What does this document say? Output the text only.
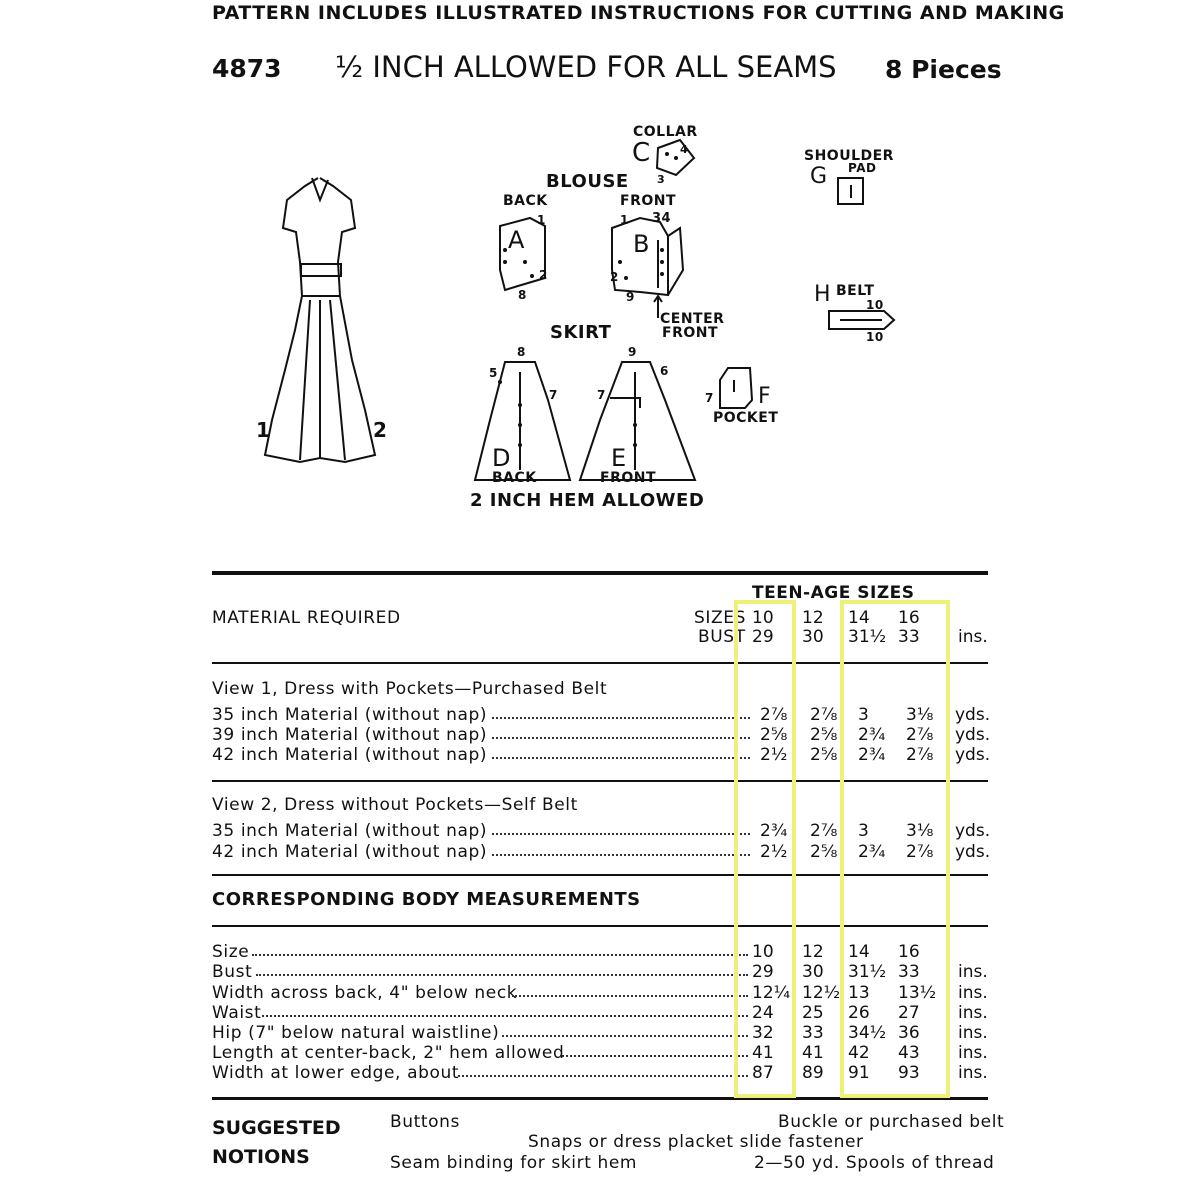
PATTERN INCLUDES ILLUSTRATED INSTRUCTIONS FOR CUTTING AND MAKING
4873 ½ INCH ALLOWED FOR ALL SEAMS 8 Pieces
1	2
COLLAR
C	4
3
BLOUSE
BACK	FRONT
1
2
8
A
1 34
2
9
B
CENTER
FRONT
SHOULDER
PAD
G
H BELT
10
10
SKIRT
8
5
7
D
BACK
9
6
7
E
FRONT
7 F
POCKET
2 INCH HEM ALLOWED
TEEN-AGE SIZES
MATERIAL REQUIRED	SIZES
BUST
10 12 14 16
29 30 31½ 33 ins.
View 1, Dress with Pockets—Purchased Belt
35 inch Material (without nap)	2⅞ 2⅞ 3 3⅛ yds.
39 inch Material (without nap)	2⅝ 2⅝ 2¾ 2⅞ yds.
42 inch Material (without nap)	2½ 2⅝ 2¾ 2⅞ yds.
View 2, Dress without Pockets—Self Belt
35 inch Material (without nap)	2¾ 2⅞ 3 3⅛ yds.
42 inch Material (without nap)	2½ 2⅝ 2¾ 2⅞ yds.
CORRESPONDING BODY MEASUREMENTS
Size	10 12 14 16
Bust	29 30 31½ 33 ins.
Width across back, 4" below neck	12¼ 12½ 13 13½ ins.
Waist	24 25 26 27 ins.
Hip (7" below natural waistline)	32 33 34½ 36 ins.
Length at center-back, 2" hem allowed	41 41 42 43 ins.
Width at lower edge, about	87 89 91 93 ins.
SUGGESTED
NOTIONS
Buttons	Buckle or purchased belt
Snaps or dress placket slide fastener
Seam binding for skirt hem	2—50 yd. Spools of thread
